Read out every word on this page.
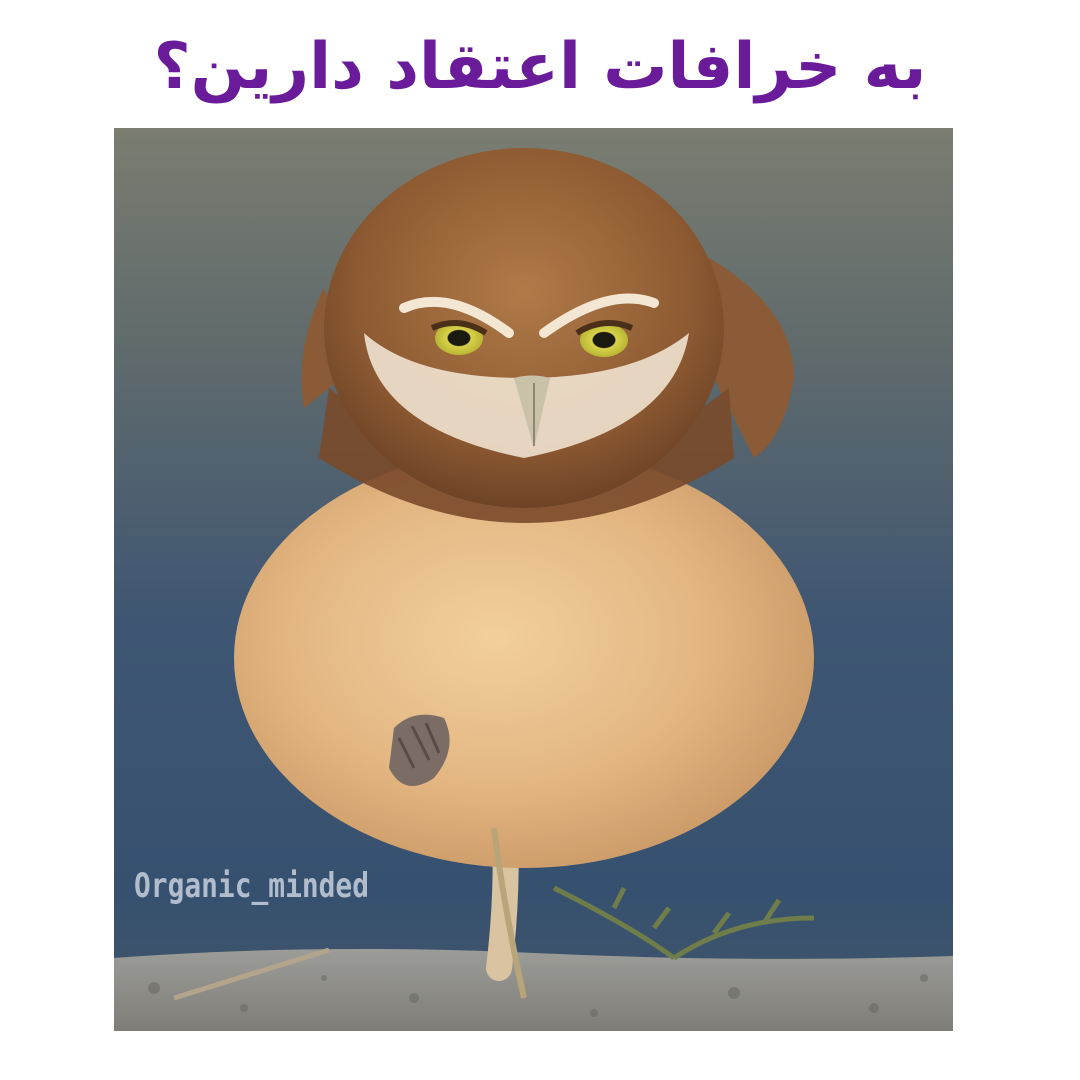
به خرافات اعتقاد دارین؟
Organic_minded
